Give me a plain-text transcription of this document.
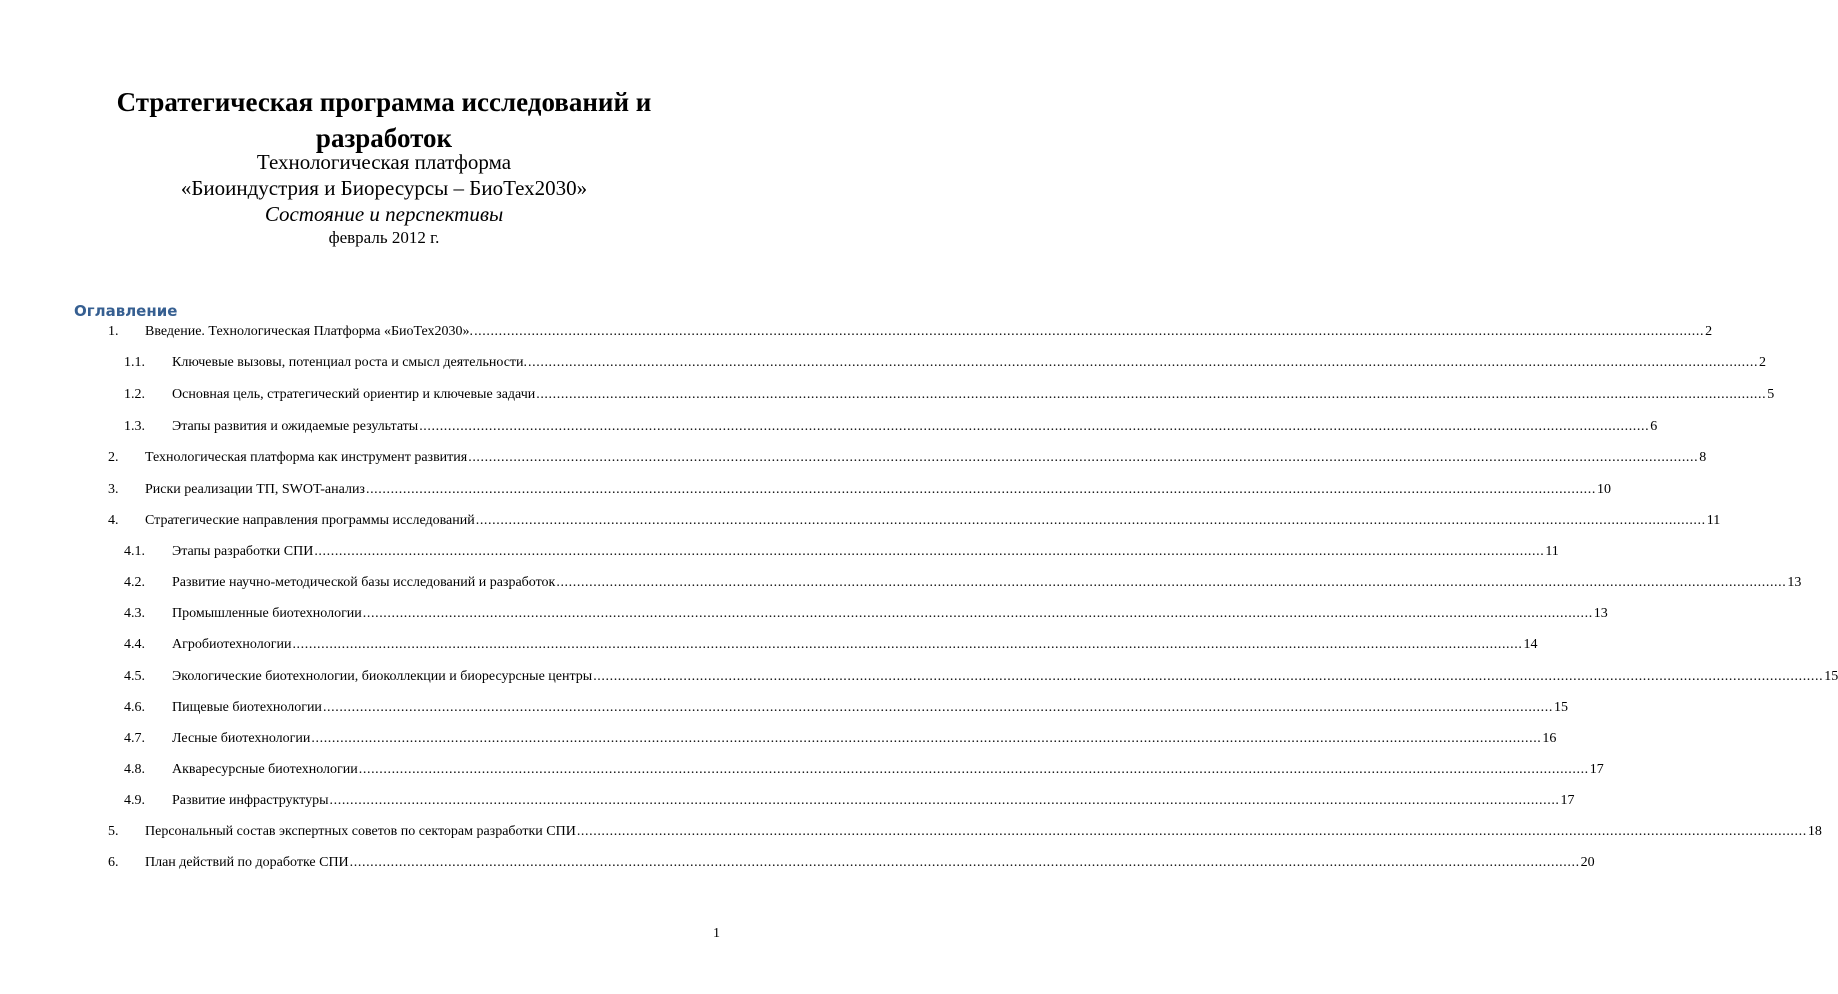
Стратегическая программа исследований и
разработок
Технологическая платформа
«Биоиндустрия и Биоресурсы – БиоТех2030»
Состояние и перспективы
февраль 2012 г.
Оглавление
1.	Введение. Технологическая Платформа «БиоТех2030». ............................................................................................................................................................................................................................................................................................................ 2
1.1.	Ключевые вызовы, потенциал роста и смысл деятельности. ............................................................................................................................................................................................................................................................................................................ 2
1.2.	Основная цель, стратегический ориентир и ключевые задачи ............................................................................................................................................................................................................................................................................................................ 5
1.3.	Этапы развития и ожидаемые результаты ............................................................................................................................................................................................................................................................................................................ 6
2.	Технологическая платформа как инструмент развития ............................................................................................................................................................................................................................................................................................................ 8
3.	Риски реализации ТП, SWOT-анализ ............................................................................................................................................................................................................................................................................................................ 10
4.	Стратегические направления программы исследований ............................................................................................................................................................................................................................................................................................................ 11
4.1.	Этапы разработки СПИ ............................................................................................................................................................................................................................................................................................................ 11
4.2.	Развитие научно-методической базы исследований и разработок ............................................................................................................................................................................................................................................................................................................ 13
4.3.	Промышленные биотехнологии ............................................................................................................................................................................................................................................................................................................ 13
4.4.	Агробиотехнологии ............................................................................................................................................................................................................................................................................................................ 14
4.5.	Экологические биотехнологии, биоколлекции и биоресурсные центры ............................................................................................................................................................................................................................................................................................................ 15
4.6.	Пищевые биотехнологии ............................................................................................................................................................................................................................................................................................................ 15
4.7.	Лесные биотехнологии ............................................................................................................................................................................................................................................................................................................ 16
4.8.	Аквaресурсные биотехнологии ............................................................................................................................................................................................................................................................................................................ 17
4.9.	Развитие инфраструктуры ............................................................................................................................................................................................................................................................................................................ 17
5.	Персональный состав экспертных советов по секторам разработки СПИ ............................................................................................................................................................................................................................................................................................................ 18
6.	План действий по доработке СПИ ............................................................................................................................................................................................................................................................................................................ 20
1
